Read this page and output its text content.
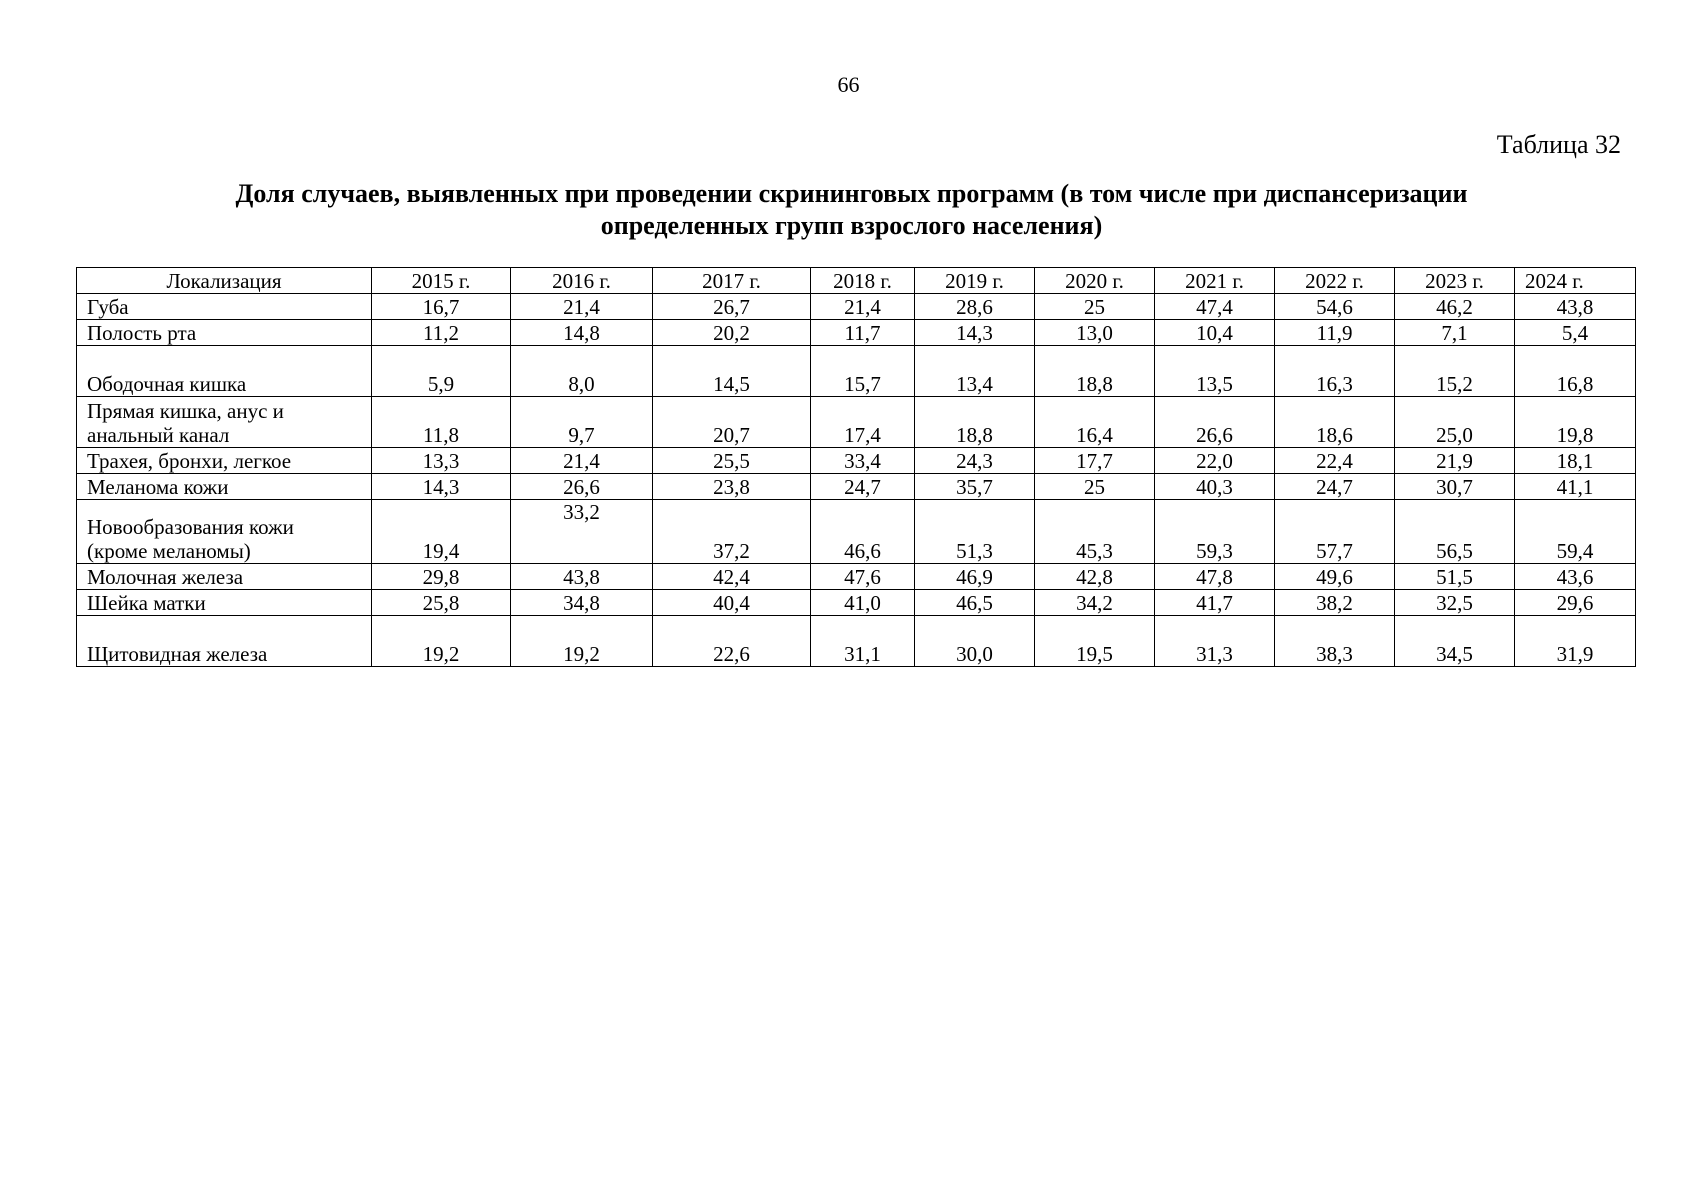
66
Таблица 32
Доля случаев, выявленных при проведении скрининговых программ (в том числе при диспансеризации
определенных групп взрослого населения)
Локализация	2015 г.	2016 г.	2017 г.	2018 г.	2019 г.	2020 г.	2021 г.	2022 г.	2023 г.	2024 г.
Губа	16,7	21,4	26,7	21,4	28,6	25	47,4	54,6	46,2	43,8
Полость рта	11,2	14,8	20,2	11,7	14,3	13,0	10,4	11,9	7,1	5,4
Ободочная кишка	5,9	8,0	14,5	15,7	13,4	18,8	13,5	16,3	15,2	16,8

Прямая кишка, анус и
анальный канал	11,8	9,7	20,7	17,4	18,8	16,4	26,6	18,6	25,0	19,8
Трахея, бронхи, легкое	13,3	21,4	25,5	33,4	24,3	17,7	22,0	22,4	21,9	18,1
Меланома кожи	14,3	26,6	23,8	24,7	35,7	25	40,3	24,7	30,7	41,1

Новообразования кожи
(кроме меланомы)	19,4	33,2	37,2	46,6	51,3	45,3	59,3	57,7	56,5	59,4
Молочная железа	29,8	43,8	42,4	47,6	46,9	42,8	47,8	49,6	51,5	43,6
Шейка матки	25,8	34,8	40,4	41,0	46,5	34,2	41,7	38,2	32,5	29,6
Щитовидная железа	19,2	19,2	22,6	31,1	30,0	19,5	31,3	38,3	34,5	31,9
